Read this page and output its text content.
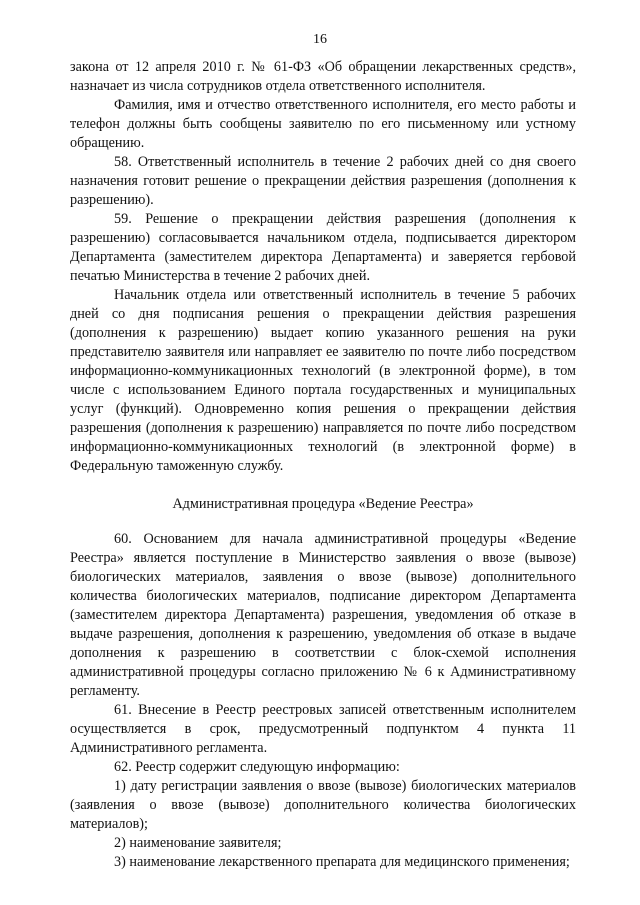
16

закона от 12 апреля 2010 г. № 61-ФЗ «Об обращении лекарственных средств», назначает из числа сотрудников отдела ответственного исполнителя.

Фамилия, имя и отчество ответственного исполнителя, его место работы и телефон должны быть сообщены заявителю по его письменному или устному обращению.

58. Ответственный исполнитель в течение 2 рабочих дней со дня своего назначения готовит решение о прекращении действия разрешения (дополнения к разрешению).

59. Решение о прекращении действия разрешения (дополнения к разрешению) согласовывается начальником отдела, подписывается директором Департамента (заместителем директора Департамента) и заверяется гербовой печатью Министерства в течение 2 рабочих дней.

Начальник отдела или ответственный исполнитель в течение 5 рабочих дней со дня подписания решения о прекращении действия разрешения (дополнения к разрешению) выдает копию указанного решения на руки представителю заявителя или направляет ее заявителю по почте либо посредством информационно-коммуникационных технологий (в электронной форме), в том числе с использованием Единого портала государственных и муниципальных услуг (функций). Одновременно копия решения о прекращении действия разрешения (дополнения к разрешению) направляется по почте либо посредством информационно-коммуникационных технологий (в электронной форме) в Федеральную таможенную службу.

Административная процедура «Ведение Реестра»

60. Основанием для начала административной процедуры «Ведение Реестра» является поступление в Министерство заявления о ввозе (вывозе) биологических материалов, заявления о ввозе (вывозе) дополнительного количества биологических материалов, подписание директором Департамента (заместителем директора Департамента) разрешения, уведомления об отказе в выдаче разрешения, дополнения к разрешению, уведомления об отказе в выдаче дополнения к разрешению в соответствии с блок-схемой исполнения административной процедуры согласно приложению № 6 к Административному регламенту.

61. Внесение в Реестр реестровых записей ответственным исполнителем осуществляется в срок, предусмотренный подпунктом 4 пункта 11 Административного регламента.

62. Реестр содержит следующую информацию:

1) дату регистрации заявления о ввозе (вывозе) биологических материалов (заявления о ввозе (вывозе) дополнительного количества биологических материалов);

2) наименование заявителя;

3) наименование лекарственного препарата для медицинского применения;
